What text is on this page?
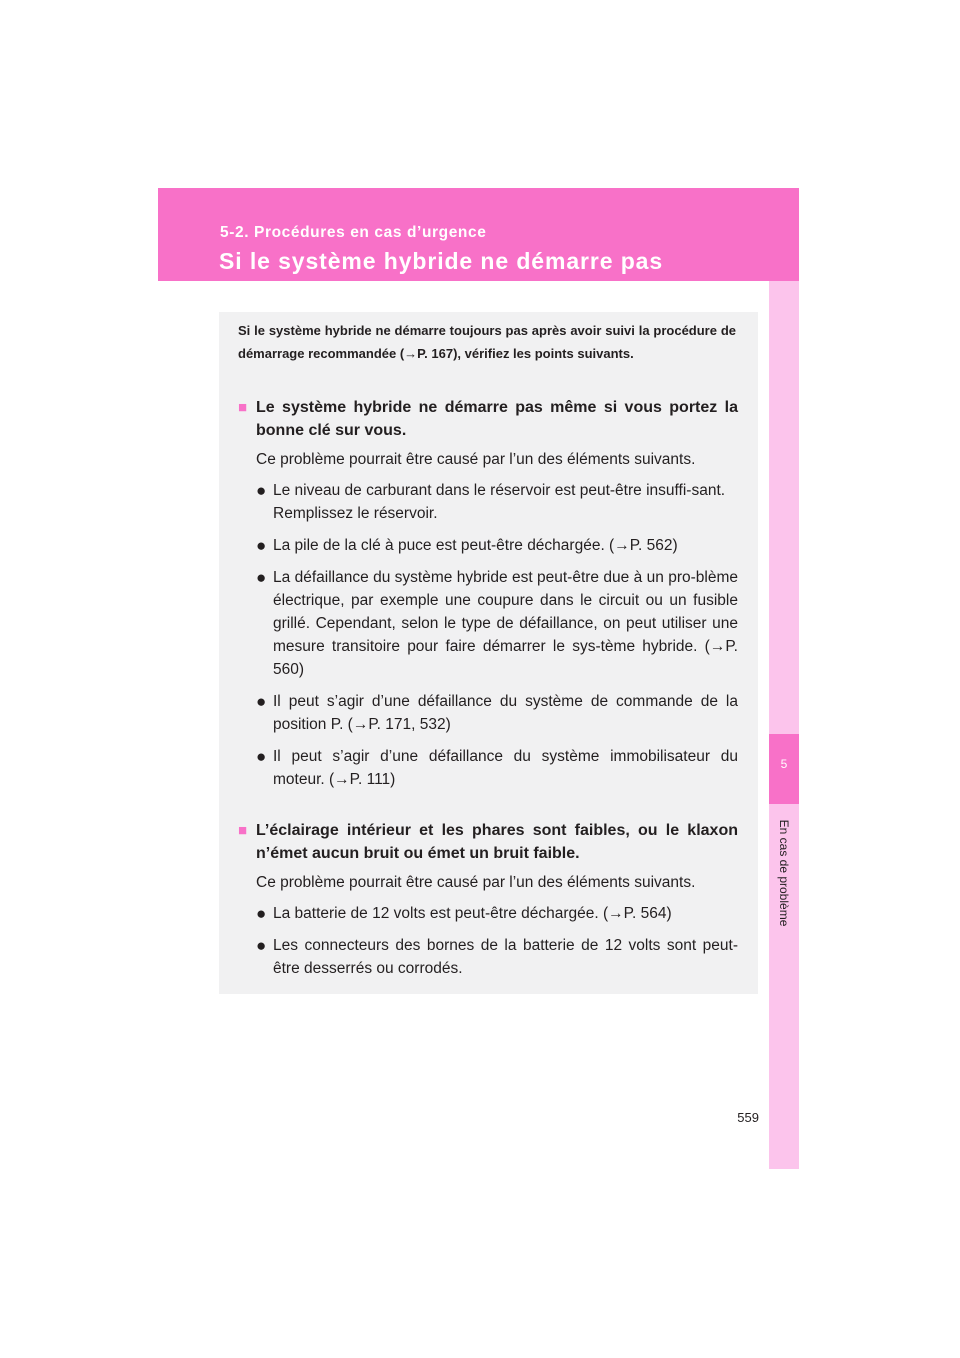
5-2. Procédures en cas d’urgence
Si le système hybride ne démarre pas
5
En cas de problème
Si le système hybride ne démarre toujours pas après avoir suivi la procédure de démarrage recommandée (→P. 167), vérifiez les points suivants.
■ Le système hybride ne démarre pas même si vous portez la bonne clé sur vous.
Ce problème pourrait être causé par l’un des éléments suivants.
● Le niveau de carburant dans le réservoir est peut-être insuffi-sant.
Remplissez le réservoir.
● La pile de la clé à puce est peut-être déchargée. (→P. 562)
● La défaillance du système hybride est peut-être due à un pro-blème électrique, par exemple une coupure dans le circuit ou un fusible grillé. Cependant, selon le type de défaillance, on peut utiliser une mesure transitoire pour faire démarrer le sys-tème hybride. (→P. 560)
● Il peut s’agir d’une défaillance du système de commande de la position P. (→P. 171, 532)
● Il peut s’agir d’une défaillance du système immobilisateur du moteur. (→P. 111)
■ L’éclairage intérieur et les phares sont faibles, ou le klaxon n’émet aucun bruit ou émet un bruit faible.
Ce problème pourrait être causé par l’un des éléments suivants.
● La batterie de 12 volts est peut-être déchargée. (→P. 564)
● Les connecteurs des bornes de la batterie de 12 volts sont peut-être desserrés ou corrodés.
559
